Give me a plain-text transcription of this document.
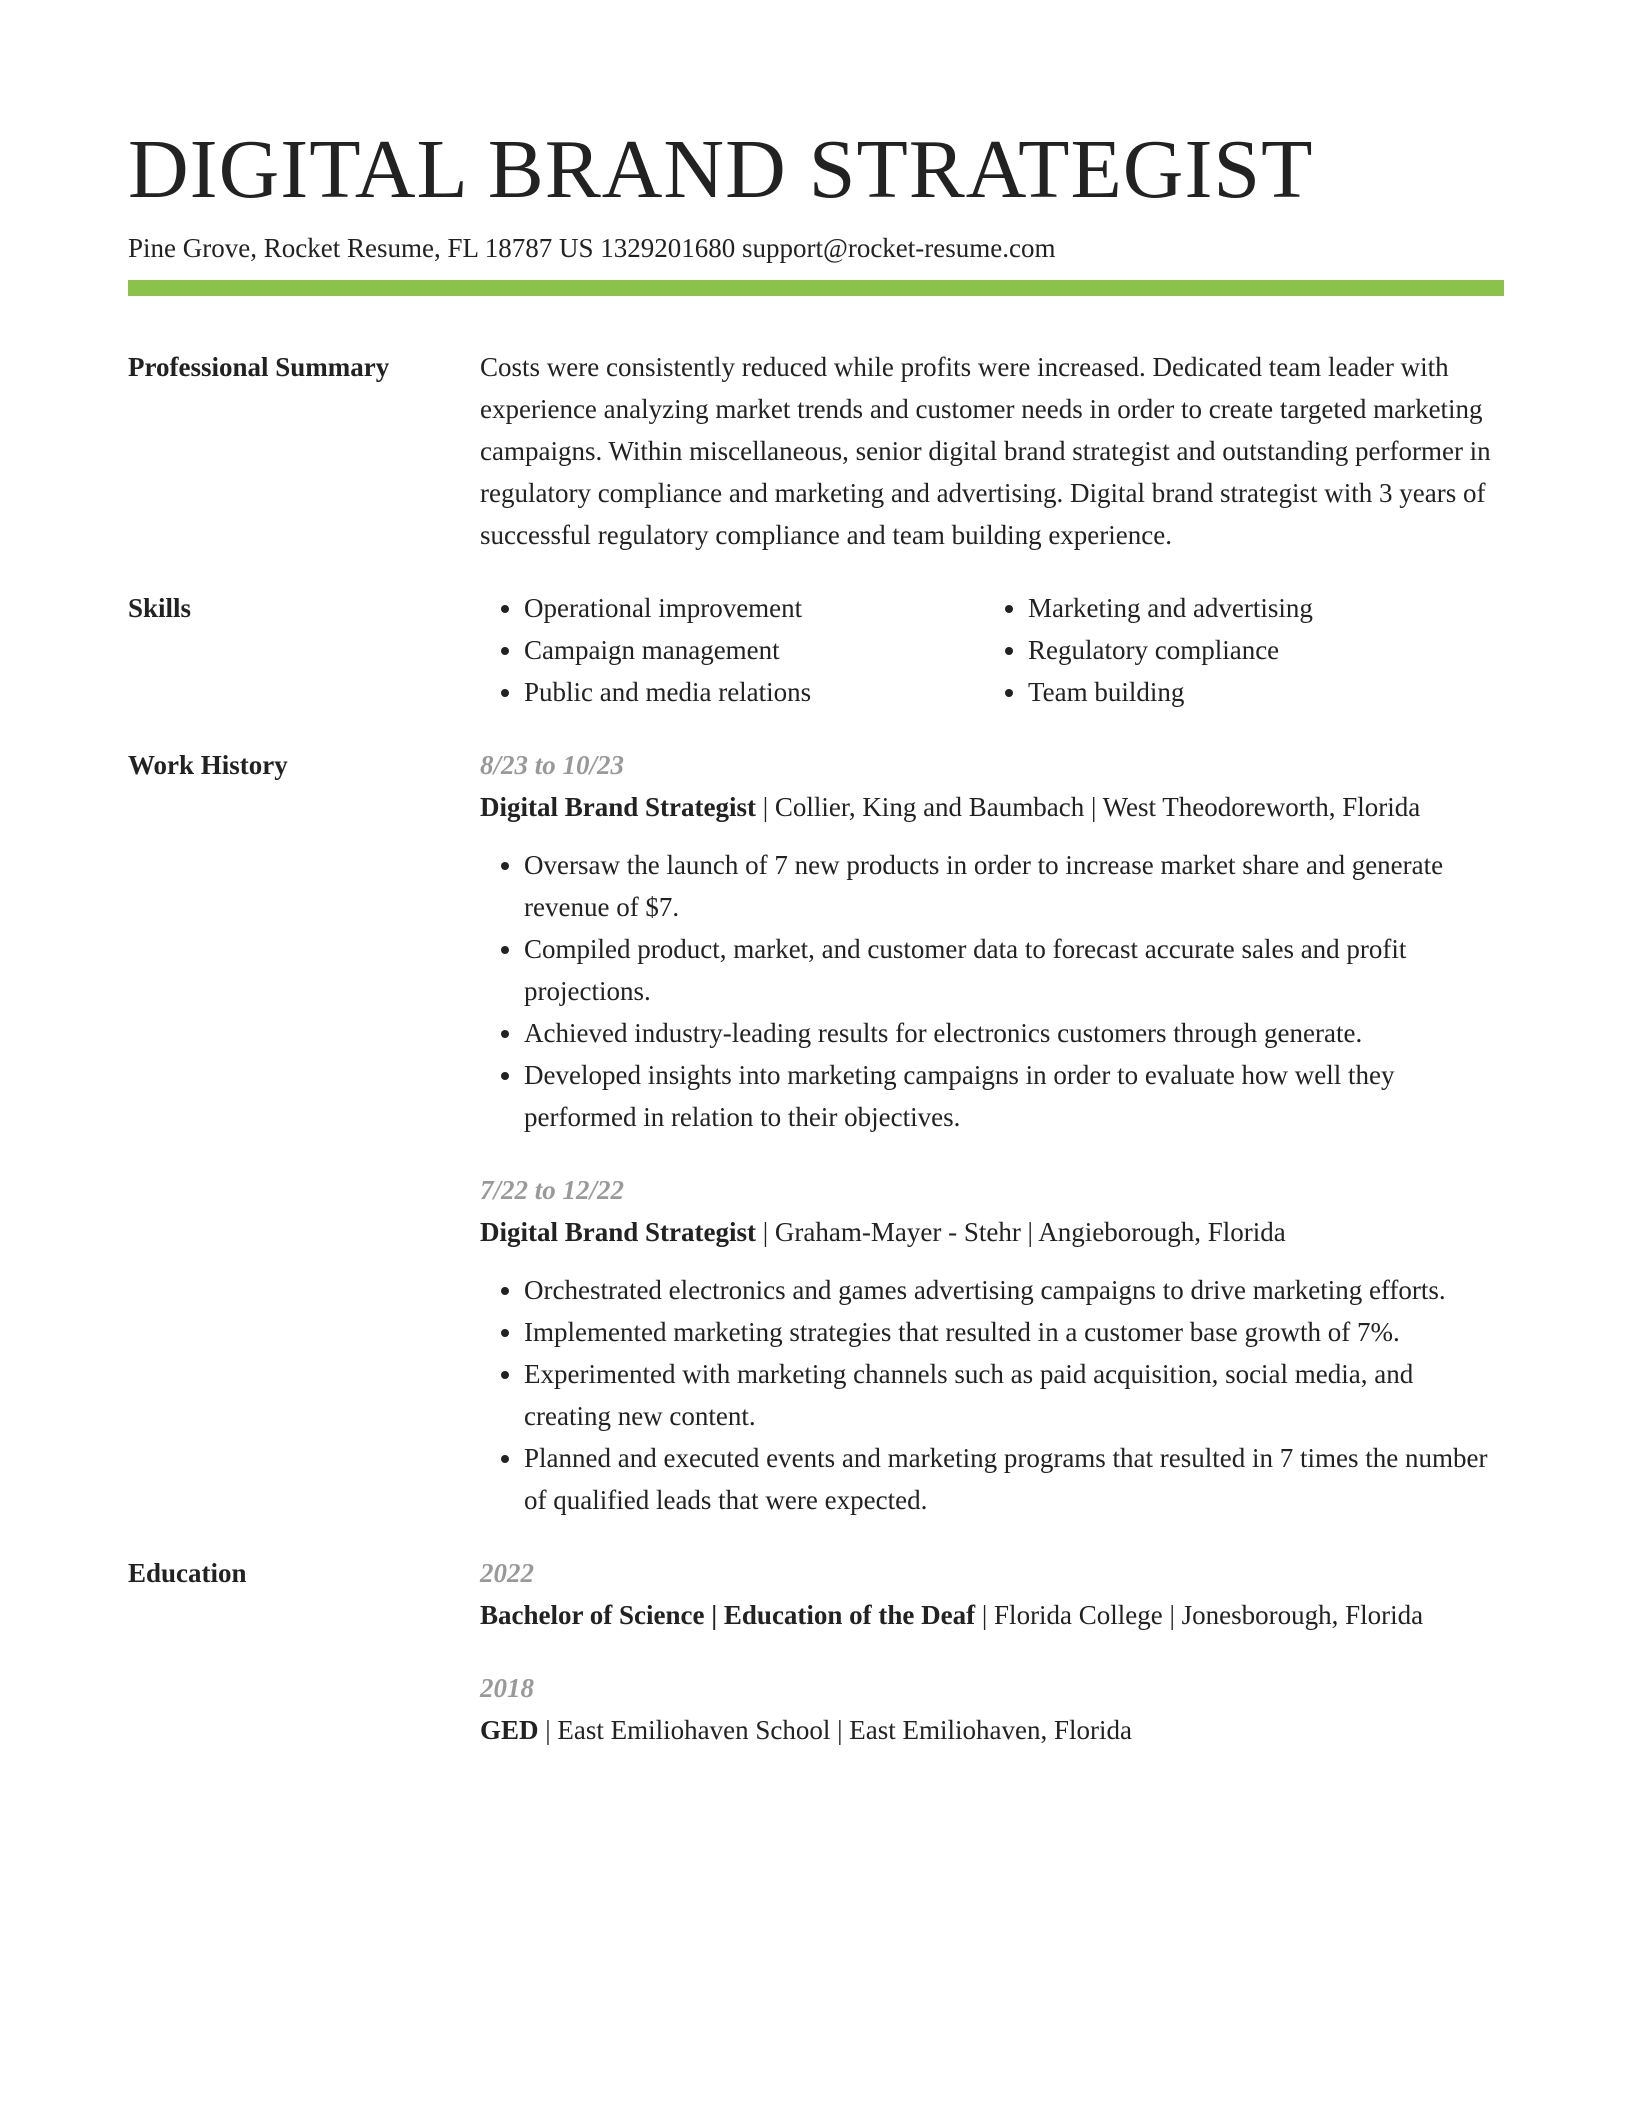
DIGITAL BRAND STRATEGIST
Pine Grove, Rocket Resume, FL 18787 US 1329201680 support@rocket-resume.com
Professional Summary	Costs were consistently reduced while profits were increased. Dedicated team leader with experience analyzing market trends and customer needs in order to create targeted marketing campaigns. Within miscellaneous, senior digital brand strategist and outstanding performer in regulatory compliance and marketing and advertising. Digital brand strategist with 3 years of successful regulatory compliance and team building experience.
Skills
•	Operational improvement
• Campaign management
• Public and media relations
• Marketing and advertising
• Regulatory compliance
• Team building
Work History	8/23 to 10/23
Digital Brand Strategist | Collier, King and Baumbach | West Theodoreworth, Florida
• Oversaw the launch of 7 new products in order to increase market share and generate revenue of $7.
• Compiled product, market, and customer data to forecast accurate sales and profit projections.
• Achieved industry-leading results for electronics customers through generate.
• Developed insights into marketing campaigns in order to evaluate how well they performed in relation to their objectives.
7/22 to 12/22
Digital Brand Strategist | Graham-Mayer - Stehr | Angieborough, Florida
• Orchestrated electronics and games advertising campaigns to drive marketing efforts.
• Implemented marketing strategies that resulted in a customer base growth of 7%.
• Experimented with marketing channels such as paid acquisition, social media, and creating new content.
• Planned and executed events and marketing programs that resulted in 7 times the number of qualified leads that were expected.
Education	2022
Bachelor of Science | Education of the Deaf | Florida College | Jonesborough, Florida
2018
GED | East Emiliohaven School | East Emiliohaven, Florida
